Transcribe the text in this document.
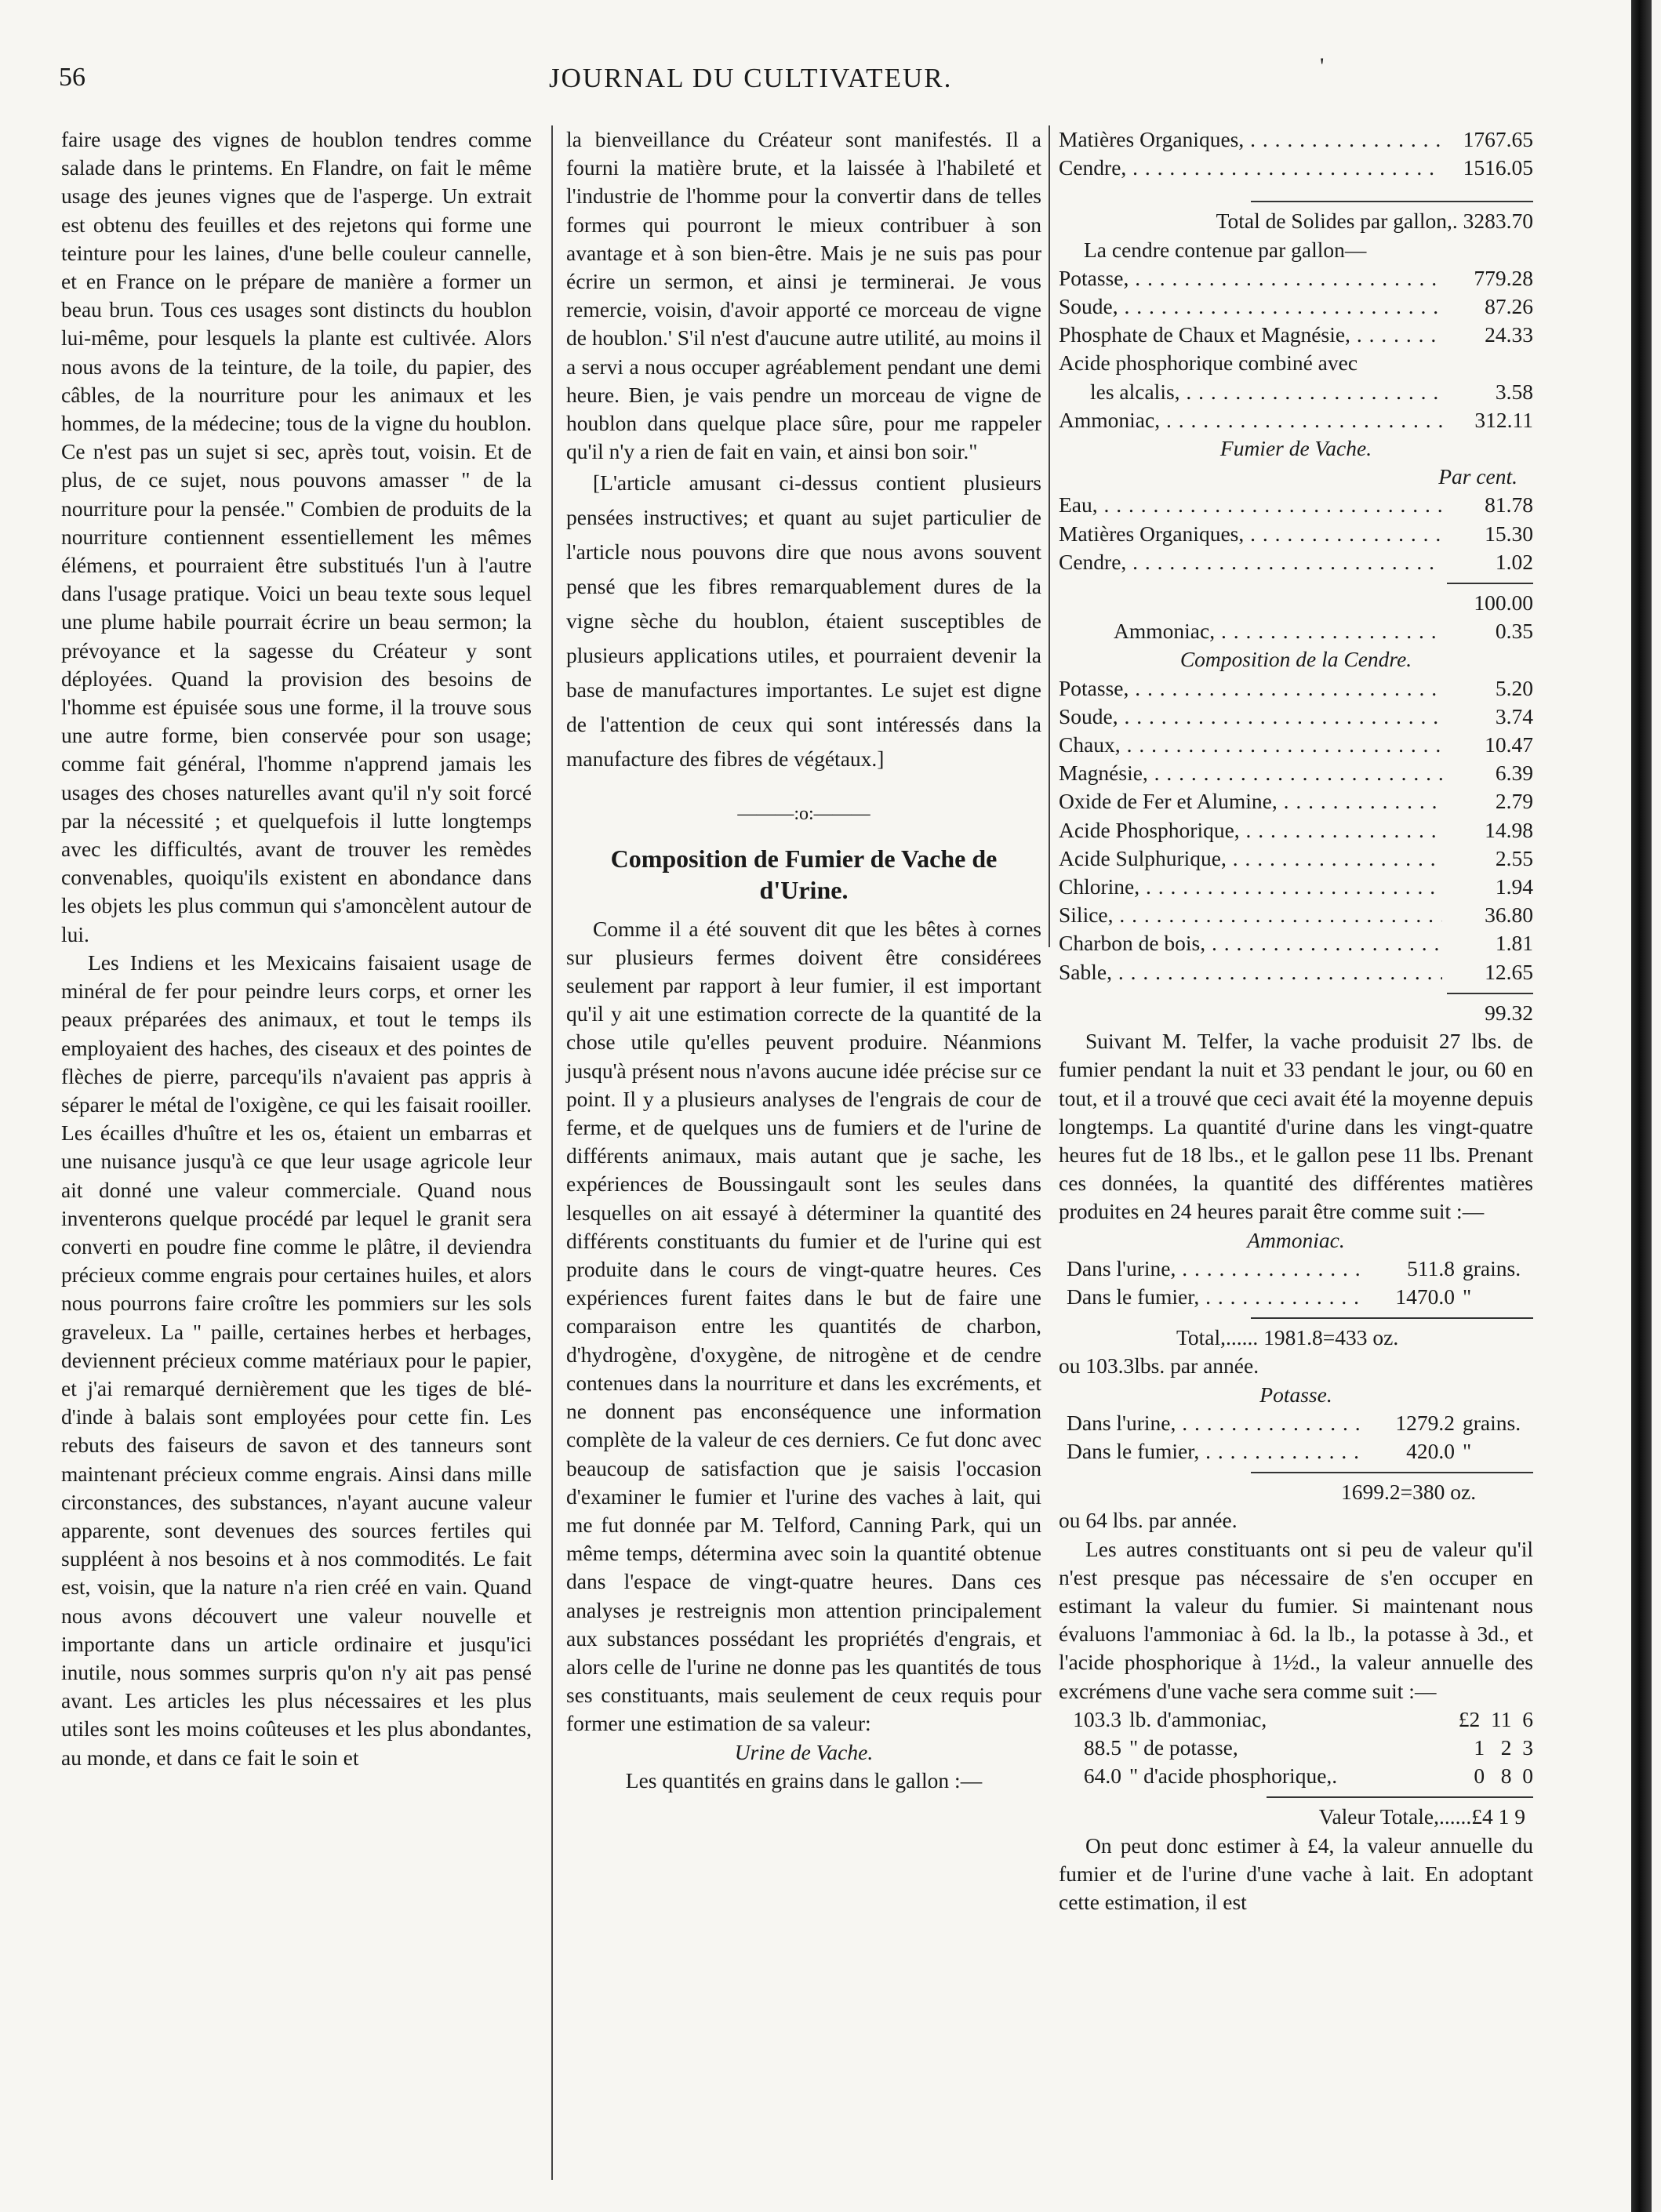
56	JOURNAL DU CULTIVATEUR.	'

faire usage des vignes de houblon tendres comme salade dans le printems. En Flandre, on fait le même usage des jeunes vignes que de l'asperge. Un extrait est obtenu des feuilles et des rejetons qui forme une teinture pour les laines, d'une belle couleur cannelle, et en France on le prépare de manière a former un beau brun. Tous ces usages sont distincts du houblon lui-même, pour lesquels la plante est cultivée. Alors nous avons de la teinture, de la toile, du papier, des câbles, de la nourriture pour les animaux et les hommes, de la médecine; tous de la vigne du houblon. Ce n'est pas un sujet si sec, après tout, voisin. Et de plus, de ce sujet, nous pouvons amasser " de la nourriture pour la pensée." Combien de produits de la nourriture contiennent essentiellement les mêmes élémens, et pourraient être substitués l'un à l'autre dans l'usage pratique. Voici un beau texte sous lequel une plume habile pourrait écrire un beau sermon; la prévoyance et la sagesse du Créateur y sont déployées. Quand la provision des besoins de l'homme est épuisée sous une forme, il la trouve sous une autre forme, bien conservée pour son usage; comme fait général, l'homme n'apprend jamais les usages des choses naturelles avant qu'il n'y soit forcé par la nécessité ; et quelquefois il lutte longtemps avec les difficultés, avant de trouver les remèdes convenables, quoiqu'ils existent en abondance dans les objets les plus commun qui s'amoncèlent autour de lui.

Les Indiens et les Mexicains faisaient usage de minéral de fer pour peindre leurs corps, et orner les peaux préparées des animaux, et tout le temps ils employaient des haches, des ciseaux et des pointes de flèches de pierre, parcequ'ils n'avaient pas appris à séparer le métal de l'oxigène, ce qui les faisait rooiller. Les écailles d'huître et les os, étaient un embarras et une nuisance jusqu'à ce que leur usage agricole leur ait donné une valeur commerciale. Quand nous inventerons quelque procédé par lequel le granit sera converti en poudre fine comme le plâtre, il deviendra précieux comme engrais pour certaines huiles, et alors nous pourrons faire croître les pommiers sur les sols graveleux. La " paille, certaines herbes et herbages, deviennent précieux comme matériaux pour le papier, et j'ai remarqué dernièrement que les tiges de blé-d'inde à balais sont employées pour cette fin. Les rebuts des faiseurs de savon et des tanneurs sont maintenant précieux comme engrais. Ainsi dans mille circonstances, des substances, n'ayant aucune valeur apparente, sont devenues des sources fertiles qui suppléent à nos besoins et à nos commodités. Le fait est, voisin, que la nature n'a rien créé en vain. Quand nous avons découvert une valeur nouvelle et importante dans un article ordinaire et jusqu'ici inutile, nous sommes surpris qu'on n'y ait pas pensé avant. Les articles les plus nécessaires et les plus utiles sont les moins coûteuses et les plus abondantes, au monde, et dans ce fait le soin et

la bienveillance du Créateur sont manifestés. Il a fourni la matière brute, et la laissée à l'habileté et l'industrie de l'homme pour la convertir dans de telles formes qui pourront le mieux contribuer à son avantage et à son bien-être. Mais je ne suis pas pour écrire un sermon, et ainsi je terminerai. Je vous remercie, voisin, d'avoir apporté ce morceau de vigne de houblon.' S'il n'est d'aucune autre utilité, au moins il a servi a nous occuper agréablement pendant une demi heure. Bien, je vais pendre un morceau de vigne de houblon dans quelque place sûre, pour me rappeler qu'il n'y a rien de fait en vain, et ainsi bon soir."

[L'article amusant ci-dessus contient plusieurs pensées instructives; et quant au sujet particulier de l'article nous pouvons dire que nous avons souvent pensé que les fibres remarquablement dures de la vigne sèche du houblon, étaient susceptibles de plusieurs applications utiles, et pourraient devenir la base de manufactures importantes. Le sujet est digne de l'attention de ceux qui sont intéressés dans la manufacture des fibres de végétaux.]

———:o:———
Composition de Fumier de Vache de d'Urine.

Comme il a été souvent dit que les bêtes à cornes sur plusieurs fermes doivent être considérees seulement par rapport à leur fumier, il est important qu'il y ait une estimation correcte de la quantité de la chose utile qu'elles peuvent produire. Néanmions jusqu'à présent nous n'avons aucune idée précise sur ce point. Il y a plusieurs analyses de l'engrais de cour de ferme, et de quelques uns de fumiers et de l'urine de différents animaux, mais autant que je sache, les expériences de Boussingault sont les seules dans lesquelles on ait essayé à déterminer la quantité des différents constituants du fumier et de l'urine qui est produite dans le cours de vingt-quatre heures. Ces expériences furent faites dans le but de faire une comparaison entre les quantités de charbon, d'hydrogène, d'oxygène, de nitrogène et de cendre contenues dans la nourriture et dans les excréments, et ne donnent pas enconséquence une information complète de la valeur de ces derniers. Ce fut donc avec beaucoup de satisfaction que je saisis l'occasion d'examiner le fumier et l'urine des vaches à lait, qui me fut donnée par M. Telford, Canning Park, qui un même temps, détermina avec soin la quantité obtenue dans l'espace de vingt-quatre heures. Dans ces analyses je restreignis mon attention principalement aux substances possédant les propriétés d'engrais, et alors celle de l'urine ne donne pas les quantités de tous ses constituants, mais seulement de ceux requis pour former une estimation de sa valeur:

Urine de Vache.
Les quantités en grains dans le gallon :—
Matières Organiques, . . .	1767.65
Cendre, . . .	1516.05
Total de Solides par gallon,. 3283.70
La cendre contenue par gallon—
Potasse, . . .	779.28
Soude, . . .	87.26
Phosphate de Chaux et Magnésie, . . .	24.33
Acide phosphorique combiné avec
les alcalis, . . .	3.58
Ammoniac, . . .	312.11
Fumier de Vache.
Par cent.
Eau, . . .	81.78
Matières Organiques, . . .	15.30
Cendre, . . .	1.02
100.00
Ammoniac, . . .	0.35
Composition de la Cendre.
Potasse, . . .	5.20
Soude, . . .	3.74
Chaux, . . .	10.47
Magnésie, . . .	6.39
Oxide de Fer et Alumine, . . .	2.79
Acide Phosphorique, . . .	14.98
Acide Sulphurique, . . .	2.55
Chlorine, . . .	1.94
Silice, . . .	36.80
Charbon de bois, . . .	1.81
Sable, . . .	12.65
99.32

Suivant M. Telfer, la vache produisit 27 lbs. de fumier pendant la nuit et 33 pendant le jour, ou 60 en tout, et il a trouvé que ceci avait été la moyenne depuis longtemps. La quantité d'urine dans les vingt-quatre heures fut de 18 lbs., et le gallon pese 11 lbs. Prenant ces données, la quantité des différentes matières produites en 24 heures parait être comme suit :—

Ammoniac.
Dans l'urine, . . .	511.8 grains.
Dans le fumier, . . .	1470.0 "
Total,...... 1981.8=433 oz.
ou 103.3lbs. par année.
Potasse.
Dans l'urine, . . .	1279.2 grains.
Dans le fumier, . . .	420.0 "
1699.2=380 oz.
ou 64 lbs. par année.

Les autres constituants ont si peu de valeur qu'il n'est presque pas nécessaire de s'en occuper en estimant la valeur du fumier. Si maintenant nous évaluons l'ammoniac à 6d. la lb., la potasse à 3d., et l'acide phosphorique à 1½d., la valeur annuelle des excrémens d'une vache sera comme suit :—

103.3 lb. d'ammoniac,	£2  11  6
88.5 " de potasse,	1   2  3
64.0 " d'acide phosphorique,.	0   8  0
Valeur Totale,......£4 1 9

On peut donc estimer à £4, la valeur annuelle du fumier et de l'urine d'une vache à lait. En adoptant cette estimation, il est
